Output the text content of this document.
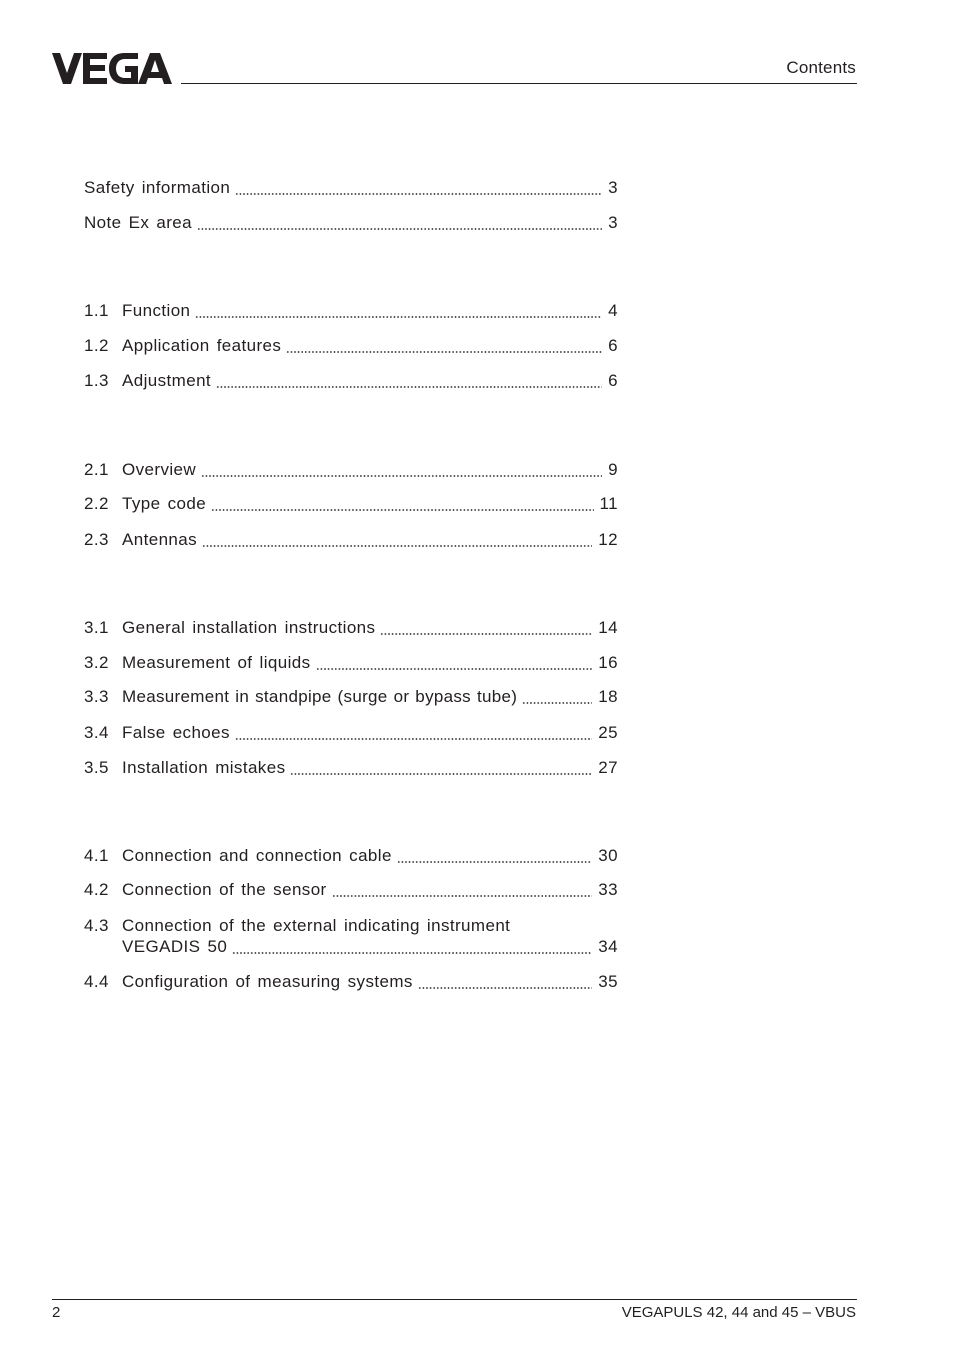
Contents
Safety information	3
Note Ex area	3
1.1 Function	4
1.2 Application features	6
1.3 Adjustment	6
2.1 Overview	9
2.2 Type code	11
2.3 Antennas	12
3.1 General installation instructions	14
3.2 Measurement of liquids	16
3.3 Measurement in standpipe (surge or bypass tube)	18
3.4 False echoes	25
3.5 Installation mistakes	27
4.1 Connection and connection cable	30
4.2 Connection of the sensor	33
4.3 Connection of the external indicating instrument
VEGADIS 50	34
4.4 Configuration of measuring systems	35
2	VEGAPULS 42, 44 and 45 – VBUS
